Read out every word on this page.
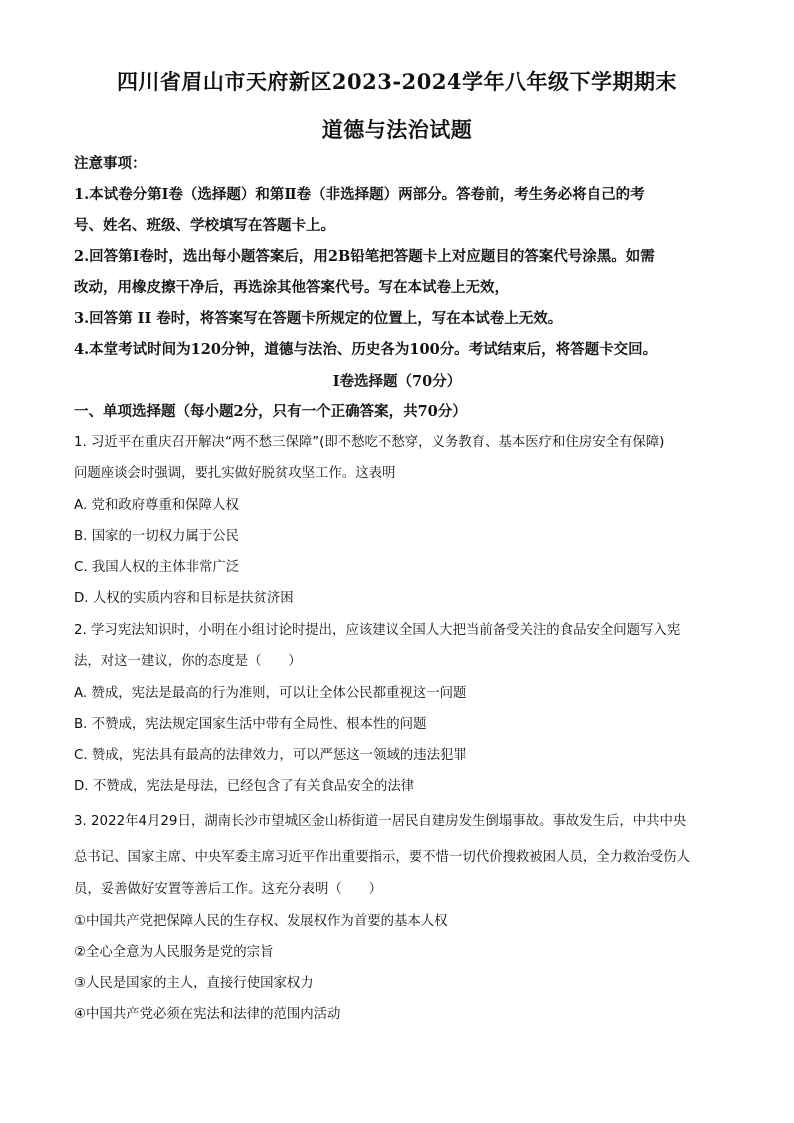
四川省眉山市天府新区2023-2024学年八年级下学期期末
道德与法治试题
注意事项：
1.本试卷分第Ⅰ卷（选择题）和第Ⅱ卷（非选择题）两部分。答卷前，考生务必将自己的考
号、姓名、班级、学校填写在答题卡上。
2.回答第Ⅰ卷时，选出每小题答案后，用2B铅笔把答题卡上对应题目的答案代号涂黑。如需
改动，用橡皮擦干净后，再选涂其他答案代号。写在本试卷上无效，
3.回答第 II 卷时，将答案写在答题卡所规定的位置上，写在本试卷上无效。
4.本堂考试时间为120分钟，道德与法治、历史各为100分。考试结束后，将答题卡交回。
Ⅰ卷选择题（70分）
一、单项选择题（每小题2分，只有一个正确答案，共70分）
1. 习近平在重庆召开解决“两不愁三保障”(即不愁吃不愁穿，义务教育、基本医疗和住房安全有保障)
问题座谈会时强调，要扎实做好脱贫攻坚工作。这表明
A. 党和政府尊重和保障人权
B. 国家的一切权力属于公民
C. 我国人权的主体非常广泛
D. 人权的实质内容和目标是扶贫济困
2. 学习宪法知识时，小明在小组讨论时提出，应该建议全国人大把当前备受关注的食品安全问题写入宪
法，对这一建议，你的态度是（　　）
A. 赞成，宪法是最高的行为准则，可以让全体公民都重视这一问题
B. 不赞成，宪法规定国家生活中带有全局性、根本性的问题
C. 赞成，宪法具有最高的法律效力，可以严惩这一领域的违法犯罪
D. 不赞成，宪法是母法，已经包含了有关食品安全的法律
3. 2022年4月29日，湖南长沙市望城区金山桥街道一居民自建房发生倒塌事故。事故发生后，中共中央
总书记、国家主席、中央军委主席习近平作出重要指示，要不惜一切代价搜救被困人员，全力救治受伤人
员，妥善做好安置等善后工作。这充分表明（　　）
①中国共产党把保障人民的生存权、发展权作为首要的基本人权
②全心全意为人民服务是党的宗旨
③人民是国家的主人，直接行使国家权力
④中国共产党必须在宪法和法律的范围内活动
